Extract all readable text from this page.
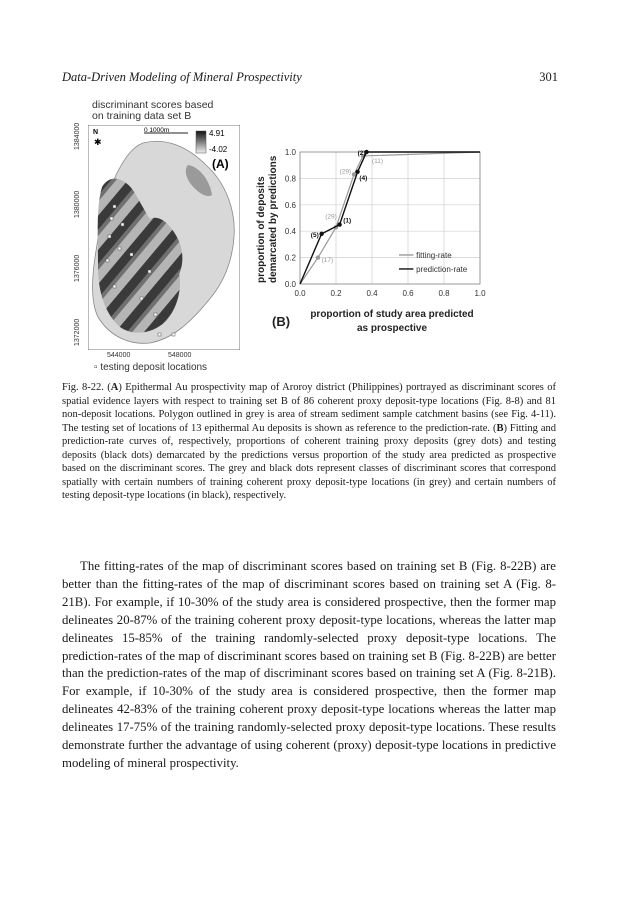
Data-Driven Modeling of Mineral Prospectivity	301
discriminant scores based
on training data set B
1384000
1380000
1376000
1372000
N
✱
0 1000m	4.91
-4.02
(A)
544000	548000
▫ testing deposit locations
0.0
0.0
0.2
0.2
0.4
0.4
0.6
0.6
0.8
0.8
1.0
1.0
(17)
(29)
(29)
(11)
(5)
(1)
(4)
(2)
fitting-rate
prediction-rate
proportion of deposits demarcated by predictions
proportion of study area predicted
as prospective
(B)
Fig. 8-22. (A) Epithermal Au prospectivity map of Aroroy district (Philippines) portrayed as discriminant scores of spatial evidence layers with respect to training set B of 86 coherent proxy deposit-type locations (Fig. 8-8) and 81 non-deposit locations. Polygon outlined in grey is area of stream sediment sample catchment basins (see Fig. 4-11). The testing set of locations of 13 epithermal Au deposits is shown as reference to the prediction-rate. (B) Fitting and prediction-rate curves of, respectively, proportions of coherent training proxy deposits (grey dots) and testing deposits (black dots) demarcated by the predictions versus proportion of the study area predicted as prospective based on the discriminant scores. The grey and black dots represent classes of discriminant scores that correspond spatially with certain numbers of training coherent proxy deposit-type locations (in grey) and certain numbers of testing deposit-type locations (in black), respectively.
The fitting-rates of the map of discriminant scores based on training set B (Fig. 8-22B) are better than the fitting-rates of the map of discriminant scores based on training set A (Fig. 8-21B). For example, if 10-30% of the study area is considered prospective, then the former map delineates 20-87% of the training coherent proxy deposit-type locations, whereas the latter map delineates 15-85% of the training randomly-selected proxy deposit-type locations. The prediction-rates of the map of discriminant scores based on training set B (Fig. 8-22B) are better than the prediction-rates of the map of discriminant scores based on training set A (Fig. 8-21B). For example, if 10-30% of the study area is considered prospective, then the former map delineates 42-83% of the training coherent proxy deposit-type locations whereas the latter map delineates 17-75% of the training randomly-selected proxy deposit-type locations. These results demonstrate further the advantage of using coherent (proxy) deposit-type locations in predictive modeling of mineral prospectivity.
